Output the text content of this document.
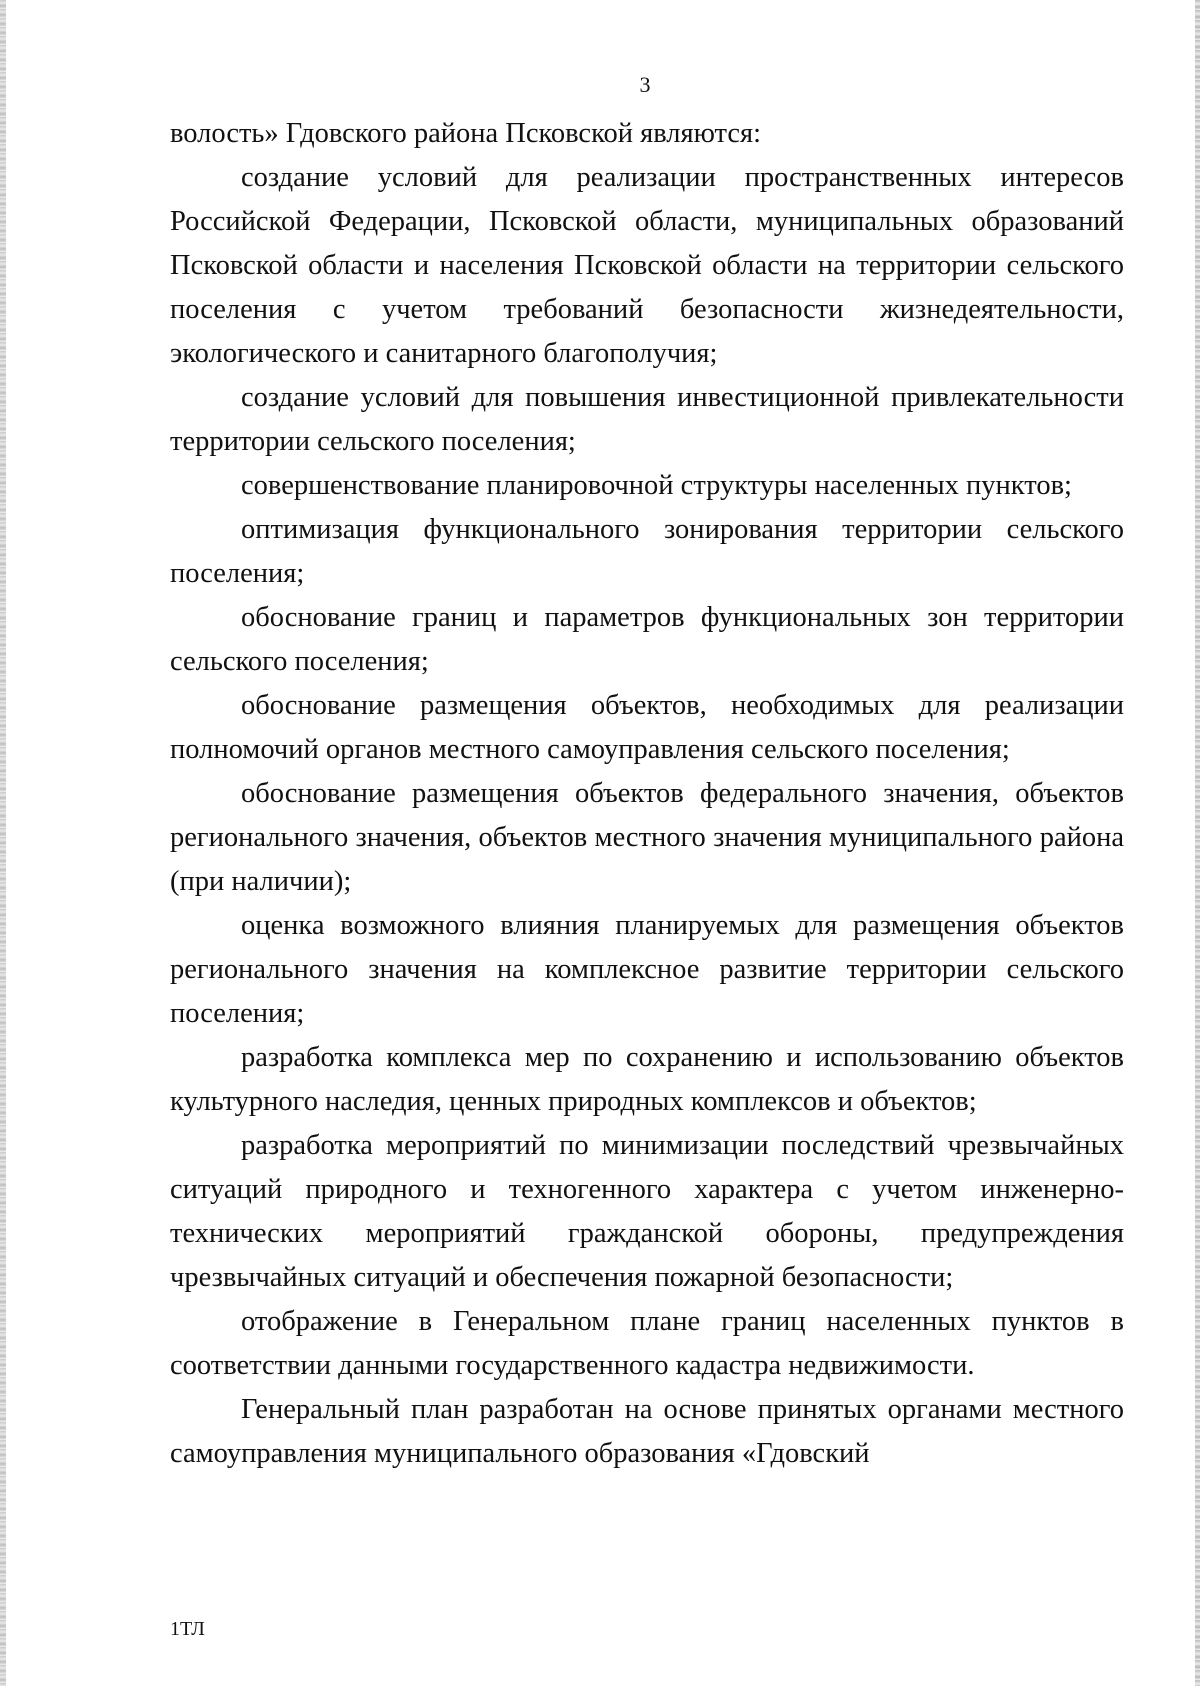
3

волость» Гдовского района Псковской являются:

создание условий для реализации пространственных интересов Российской Федерации, Псковской области, муниципальных образований Псковской области и населения Псковской области на территории сельского поселения с учетом требований безопасности жизнедеятельности, экологического и санитарного благополучия;

создание условий для повышения инвестиционной привлекательности территории сельского поселения;

совершенствование планировочной структуры населенных пунктов;

оптимизация функционального зонирования территории сельского поселения;

обоснование границ и параметров функциональных зон территории сельского поселения;

обоснование размещения объектов, необходимых для реализации полномочий органов местного самоуправления сельского поселения;

обоснование размещения объектов федерального значения, объектов регионального значения, объектов местного значения муниципального района (при наличии);

оценка возможного влияния планируемых для размещения объектов регионального значения на комплексное развитие территории сельского поселения;

разработка комплекса мер по сохранению и использованию объектов культурного наследия, ценных природных комплексов и объектов;

разработка мероприятий по минимизации последствий чрезвычайных ситуаций природного и техногенного характера с учетом инженерно-технических мероприятий гражданской обороны, предупреждения чрезвычайных ситуаций и обеспечения пожарной безопасности;

отображение в Генеральном плане границ населенных пунктов в соответствии данными государственного кадастра недвижимости.

Генеральный план разработан на основе принятых органами местного самоуправления муниципального образования «Гдовский

1ТЛ
